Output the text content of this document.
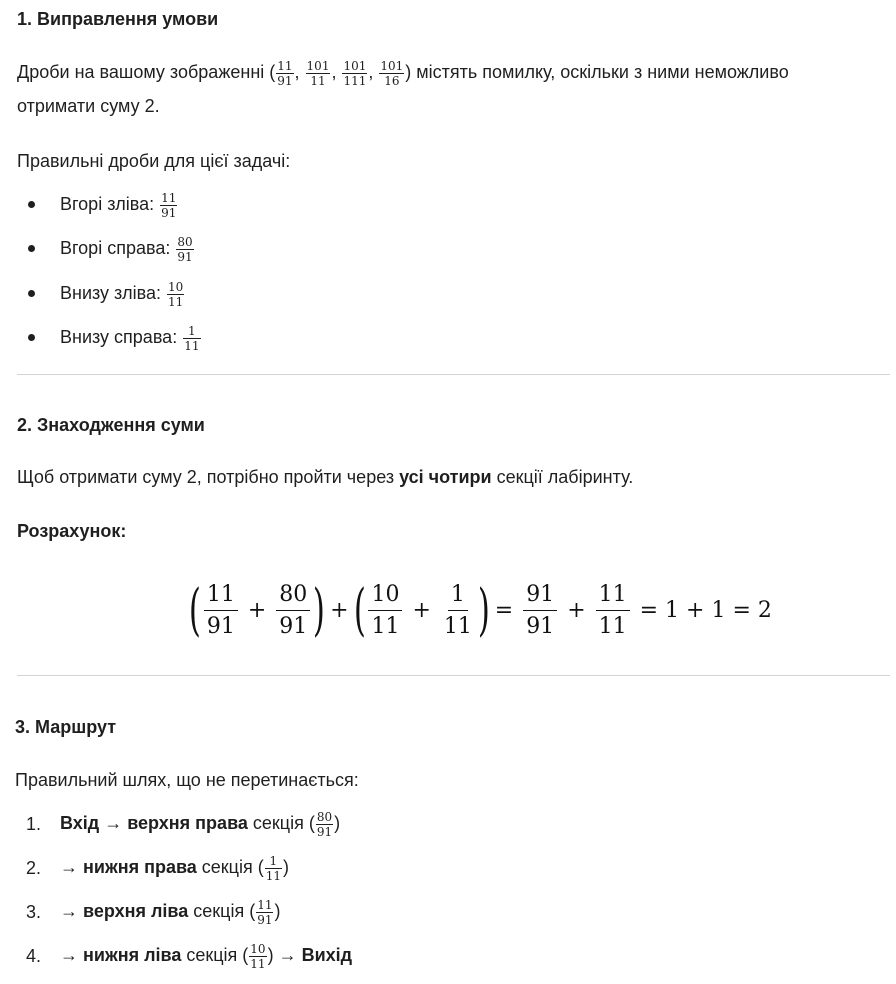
1. Виправлення умови
Дроби на вашому зображенні ( $\frac{11}{91}$ , $\frac{101}{11}$ , $\frac{101}{111}$ , $\frac{101}{16}$ ) містять помилку, оскільки з ними неможливо
отримати суму 2.
Правильні дроби для цієї задачі:
Вгорі зліва: $\frac{11}{91}$
Вгорі справа: $\frac{80}{91}$
Внизу зліва: $\frac{10}{11}$
Внизу справа: $\frac{1}{11}$
2. Знаходження суми
Щоб отримати суму 2, потрібно пройти через усі чотири секції лабіринту.
Розрахунок:
( 11
91
+ $\frac{80}{91}$ ) + ( 10
11
+ $\frac{1}{11}$ ) = $\frac{91}{91} + \frac{11}{11} = 1 + 1 = 2$
3. Маршрут
Правильний шлях, що не перетинається:
1. Вхід → верхня права секція ( $\frac{80}{91}$ )
2. → нижня права секція ( $\frac{1}{11}$ )
3. → верхня ліва секція ( $\frac{11}{91}$ )
4. → нижня ліва секція ( $\frac{10}{11}$ ) → Вихід
